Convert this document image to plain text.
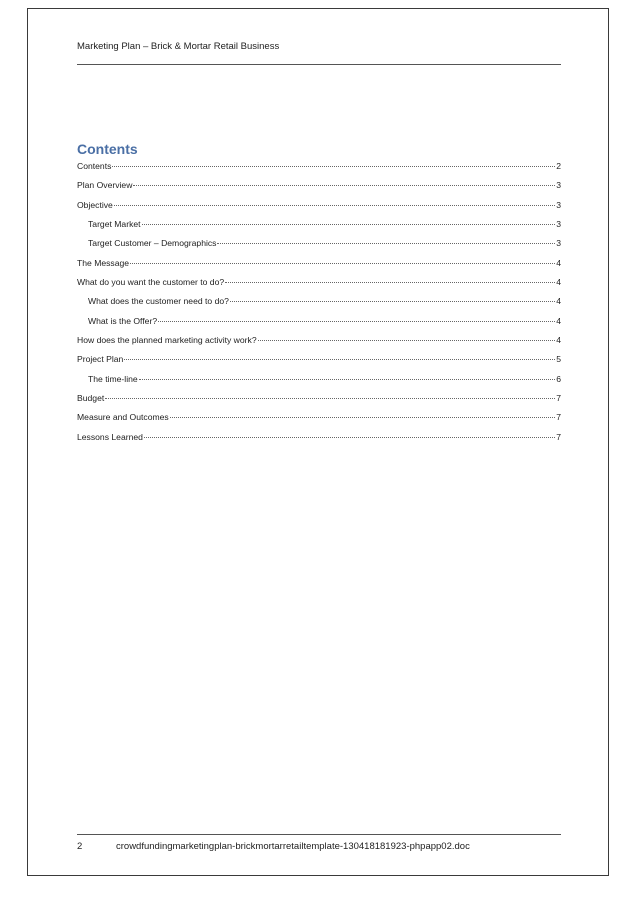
Marketing Plan – Brick & Mortar Retail Business
Contents
Contents	2
Plan Overview	3
Objective	3
Target Market	3
Target Customer – Demographics	3
The Message	4
What do you want the customer to do?	4
What does the customer need to do?	4
What is the Offer?	4
How does the planned marketing activity work?	4
Project Plan	5
The time-line	6
Budget	7
Measure and Outcomes	7
Lessons Learned	7
2	crowdfundingmarketingplan-brickmortarretailtemplate-130418181923-phpapp02.doc
